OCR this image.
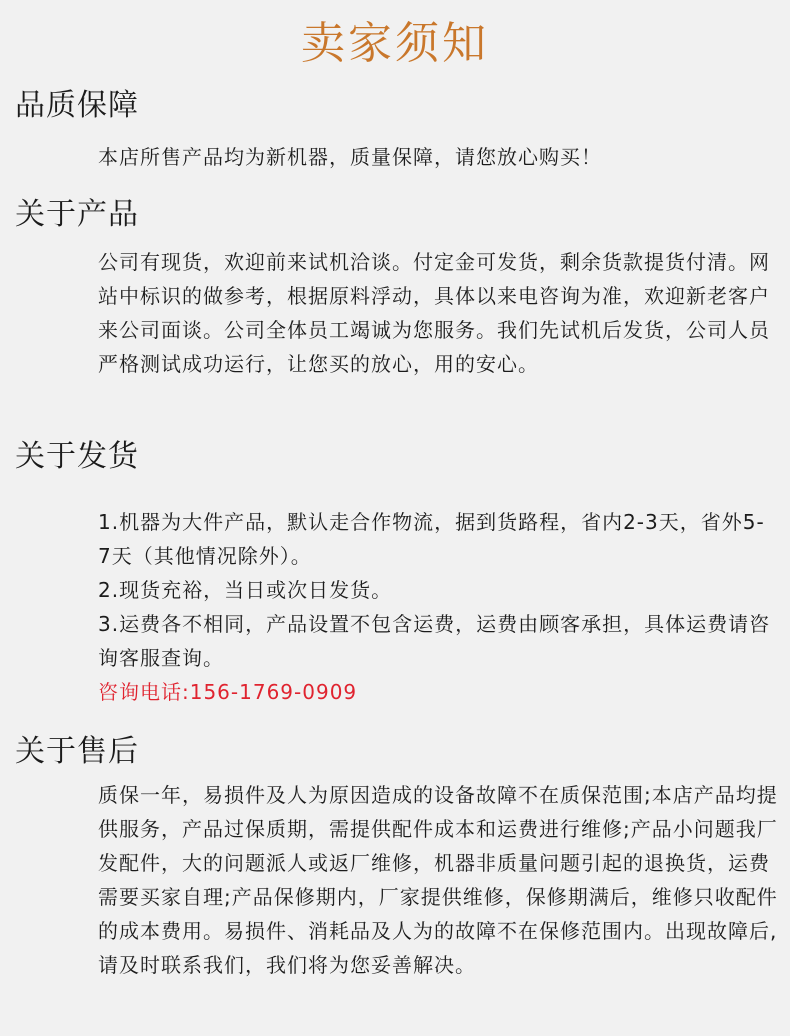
卖家须知
品质保障
本店所售产品均为新机器，质量保障，请您放心购买！
关于产品
公司有现货，欢迎前来试机洽谈。付定金可发货，剩余货款提货付清。网站中标识的做参考，根据原料浮动，具体以来电咨询为准，欢迎新老客户来公司面谈。公司全体员工竭诚为您服务。我们先试机后发货，公司人员严格测试成功运行，让您买的放心，用的安心。
关于发货
1.机器为大件产品，默认走合作物流，据到货路程，省内2-3天，省外5-7天（其他情况除外）。
2.现货充裕，当日或次日发货。
3.运费各不相同，产品设置不包含运费，运费由顾客承担，具体运费请咨询客服查询。
咨询电话:156-1769-0909
关于售后
质保一年，易损件及人为原因造成的设备故障不在质保范围;本店产品均提供服务，产品过保质期，需提供配件成本和运费进行维修;产品小问题我厂发配件，大的问题派人或返厂维修，机器非质量问题引起的退换货，运费需要买家自理;产品保修期内，厂家提供维修，保修期满后，维修只收配件的成本费用。易损件、消耗品及人为的故障不在保修范围内。出现故障后,请及时联系我们，我们将为您妥善解决。
